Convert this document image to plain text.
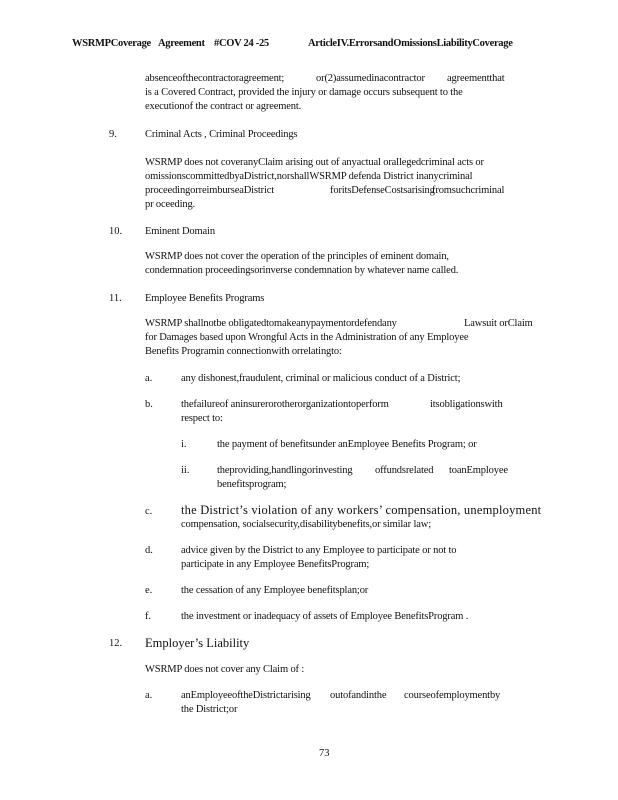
WSRMPCoverage Agreement #COV 24 -25	ArticleIV.ErrorsandOmissionsLiabilityCoverage
absenceofthecontractoragreement;	or(2)assumedinacontractor agreementthat
is a Covered Contract, provided the injury or damage occurs subsequent to the
executionof the contract or agreement.
9.	Criminal Acts , Criminal Proceedings
WSRMP does not coveranyClaim arising out of anyactual orallegedcriminal acts or
omissionscommittedbyaDistrict,norshallWSRMP defenda District inanycriminal
proceedingorreimburseaDistrict	foritsDefenseCostsarising
fromsuchcriminal
pr oceeding.
10. Eminent Domain
WSRMP does not cover the operation of the principles of eminent domain,
condemnation proceedingsorinverse condemnation by whatever name called.
11. Employee Benefits Programs
WSRMP shallnotbe obligatedtomakeanypaymentordefendany	Lawsuit orClaim
for Damages based upon Wrongful Acts in the Administration of any Employee
Benefits Programin connectionwith orrelatingto:
a.	any dishonest,fraudulent, criminal or malicious conduct of a District;
b.	thefailureof aninsurerorotherorganizationtoperform	itsobligationswith
respect to:
i.	the payment of benefitsunder anEmployee Benefits Program; or
ii.	theproviding,handlingorinvesting offundsrelated toanEmployee
benefitsprogram;
c. the District’s violation of any workers’ compensation, unemployment
compensation, socialsecurity,disabilitybenefits,or similar law;
d.	advice given by the District to any Employee to participate or not to
participate in any Employee BenefitsProgram;
e.	the cessation of any Employee benefitsplan;or
f.	the investment or inadequacy of assets of Employee BenefitsProgram .
12. Employer’s Liability
WSRMP does not cover any Claim of :
a.	anEmployeeoftheDistrictarising outofandinthe courseofemploymentby
the District;or
73
